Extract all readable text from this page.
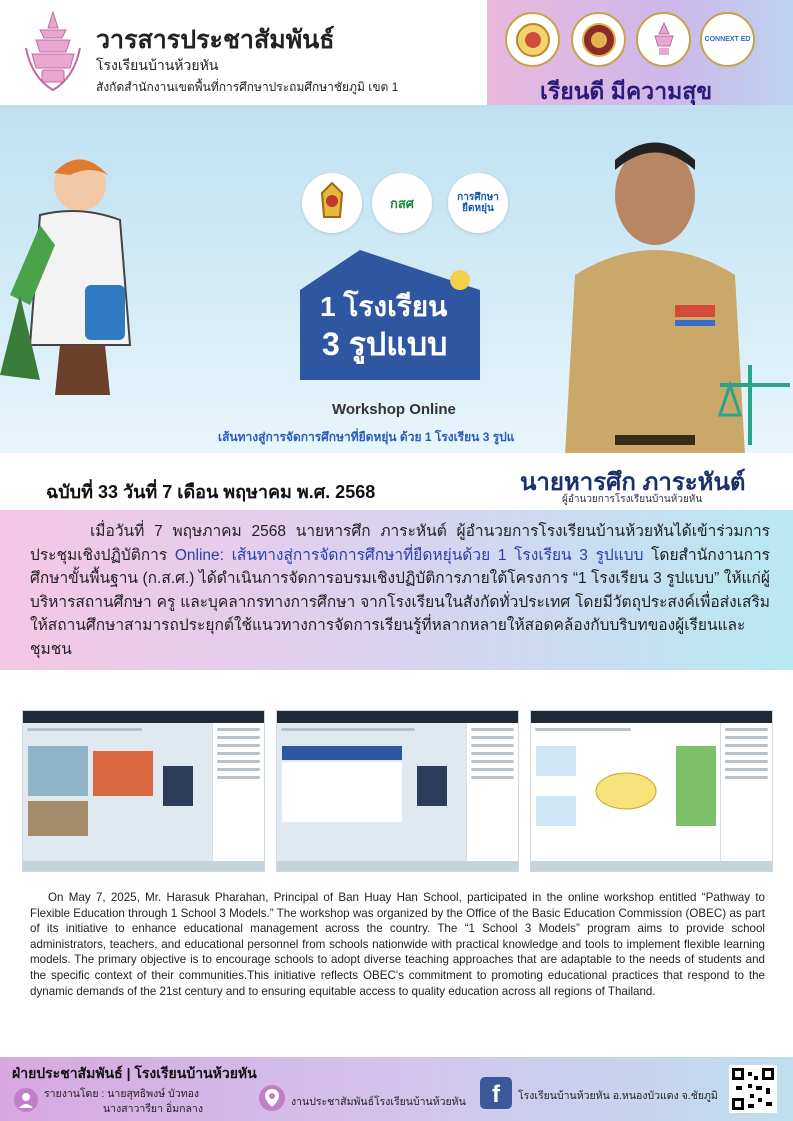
วารสารประชาสัมพันธ์
โรงเรียนบ้านห้วยหัน
สังกัดสำนักงานเขตพื้นที่การศึกษาประถมศึกษาชัยภูมิ เขต 1
CONNEXT ED
เรียนดี มีความสุข
กสศ	การศึกษายืดหยุ่น
1 โรงเรียน
3 รูปแบบ
Workshop Online
เส้นทางสู่การจัดการศึกษาที่ยืดหยุ่น ด้วย 1 โรงเรียน 3 รูปแ
ฉบับที่ 33 วันที่ 7 เดือน พฤษาคม พ.ศ. 2568	นายหารศึก ภาระหันต์
ผู้อำนวยการโรงเรียนบ้านห้วยหัน

เมื่อวันที่ 7 พฤษภาคม 2568 นายหารศึก ภาระหันต์ ผู้อำนวยการโรงเรียนบ้านห้วยหันได้เข้าร่วมการประชุมเชิงปฏิบัติการ Online: เส้นทางสู่การจัดการศึกษาที่ยืดหยุ่นด้วย 1 โรงเรียน 3 รูปแบบ โดยสำนักงานการศึกษาขั้นพื้นฐาน (ก.ส.ศ.) ได้ดำเนินการจัดการอบรมเชิงปฏิบัติการภายใต้โครงการ “1 โรงเรียน 3 รูปแบบ” ให้แก่ผู้บริหารสถานศึกษา ครู และบุคลากรทางการศึกษา จากโรงเรียนในสังกัดทั่วประเทศ โดยมีวัตถุประสงค์เพื่อส่งเสริมให้สถานศึกษาสามารถประยุกต์ใช้แนวทางการจัดการเรียนรู้ที่หลากหลายให้สอดคล้องกับบริบทของผู้เรียนและชุมชน

On May 7, 2025, Mr. Harasuk Pharahan, Principal of Ban Huay Han School, participated in the online workshop entitled “Pathway to Flexible Education through 1 School 3 Models.” The workshop was organized by the Office of the Basic Education Commission (OBEC) as part of its initiative to enhance educational management across the country. The “1 School 3 Models” program aims to provide school administrators, teachers, and educational personnel from schools nationwide with practical knowledge and tools to implement flexible learning models. The primary objective is to encourage schools to adopt diverse teaching approaches that are adaptable to the needs of students and the specific context of their communities.This initiative reflects OBEC's commitment to promoting educational practices that respond to the dynamic demands of the 21st century and to ensuring equitable access to quality education across all regions of Thailand.

ฝ่ายประชาสัมพันธ์ | โรงเรียนบ้านห้วยหัน
รายงานโดย : นายสุทธิพงษ์ บัวทอง
นางสาวารียา อิ่มกลาง
งานประชาสัมพันธ์โรงเรียนบ้านห้วยหัน	f	โรงเรียนบ้านห้วยหัน อ.หนองบัวแดง จ.ชัยภูมิ
